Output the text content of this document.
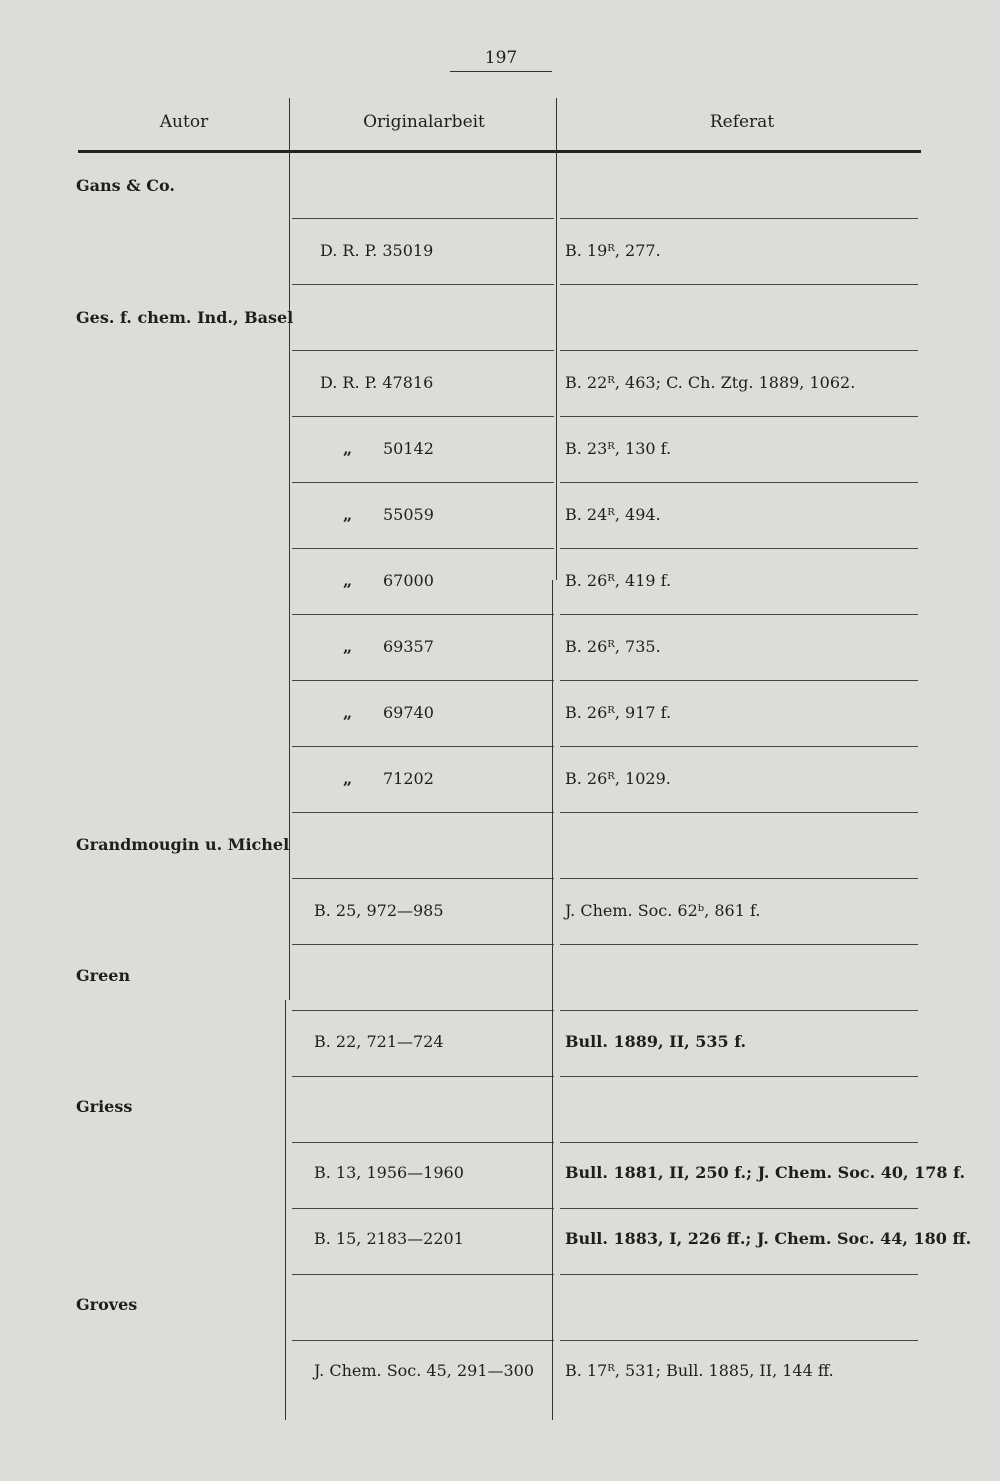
197
Autor	Originalarbeit	Referat
Gans & Co.
Ges. f. chem. Ind., Basel
Grandmougin u. Michel
Green
Griess
Groves
D. R. P. 35019
D. R. P. 47816
„ 50142
„ 55059
„ 67000
„ 69357
„ 69740
„ 71202
B. 25, 972—985
B. 22, 721—724
B. 13, 1956—1960
B. 15, 2183—2201
J. Chem. Soc. 45, 291—300
B. 19ᴿ, 277.
B. 22ᴿ, 463; C. Ch. Ztg. 1889, 1062.
B. 23ᴿ, 130 f.
B. 24ᴿ, 494.
B. 26ᴿ, 419 f.
B. 26ᴿ, 735.
B. 26ᴿ, 917 f.
B. 26ᴿ, 1029.
J. Chem. Soc. 62ᵇ, 861 f.
Bull. 1889, II, 535 f.
Bull. 1881, II, 250 f.; J. Chem. Soc. 40, 178 f.
Bull. 1883, I, 226 ff.; J. Chem. Soc. 44, 180 ff.
B. 17ᴿ, 531; Bull. 1885, II, 144 ff.
